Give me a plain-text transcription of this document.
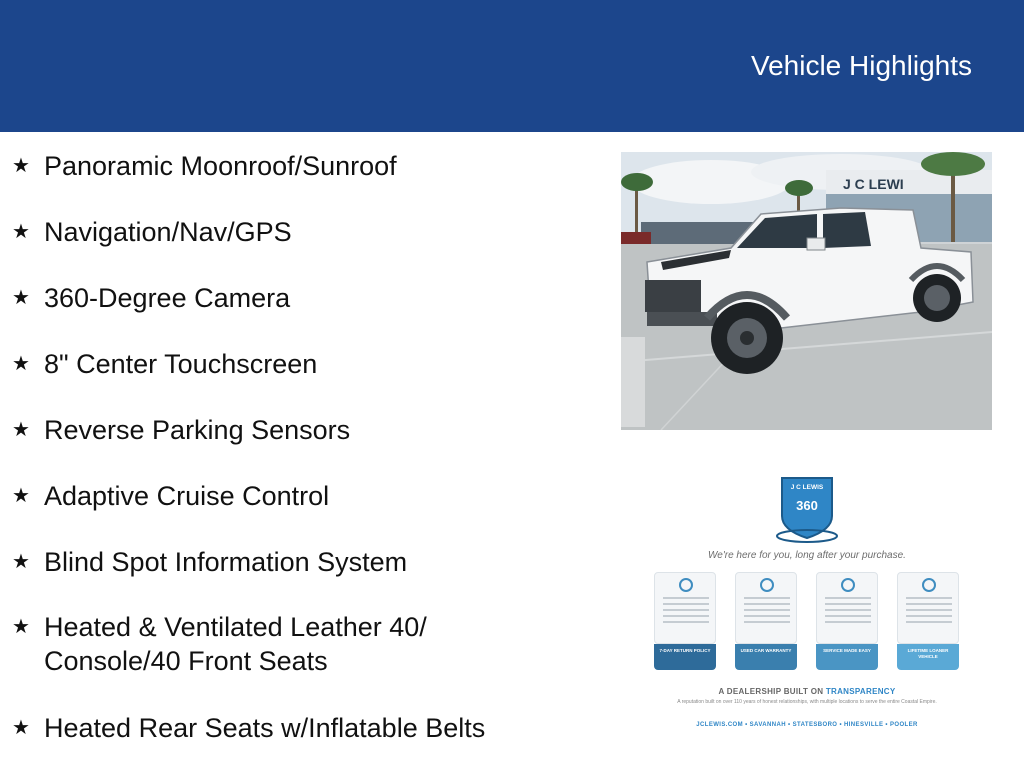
Vehicle Highlights
★ Panoramic Moonroof/Sunroof
★ Navigation/Nav/GPS
★ 360-Degree Camera
★ 8" Center Touchscreen
★ Reverse Parking Sensors
★ Adaptive Cruise Control
★ Blind Spot Information System
★ Heated & Ventilated Leather 40/
Console/40 Front Seats
★ Heated Rear Seats w/Inflatable Belts
J C LEWI
J C LEWIS
360
We're here for you, long after your purchase.
7-DAY RETURN POLICY	USED CAR WARRANTY	SERVICE MADE EASY	LIFETIME LOANER VEHICLE
A DEALERSHIP BUILT ON TRANSPARENCY
A reputation built on over 110 years of honest relationships, with multiple locations to serve the entire Coastal Empire.
JCLEWIS.COM • SAVANNAH • STATESBORO • HINESVILLE • POOLER
